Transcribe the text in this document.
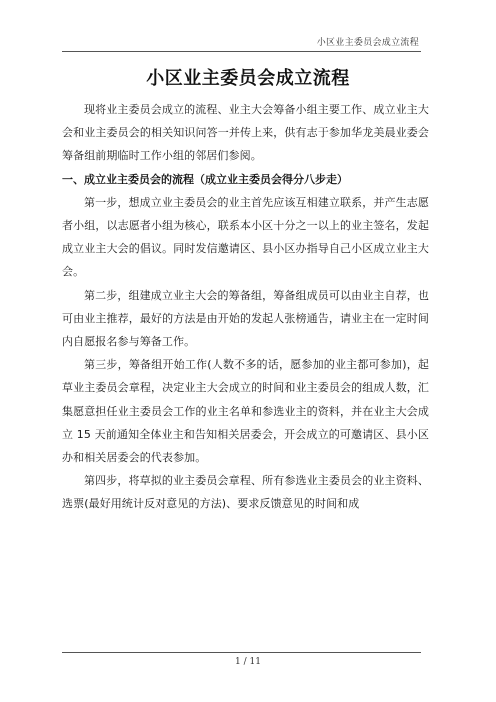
小区业主委员会成立流程
小区业主委员会成立流程

现将业主委员会成立的流程、业主大会筹备小组主要工作、成立业主大会和业主委员会的相关知识问答一并传上来，供有志于参加华龙美晨业委会筹备组前期临时工作小组的邻居们参阅。

一、成立业主委员会的流程（成立业主委员会得分八步走）

第一步，想成立业主委员会的业主首先应该互相建立联系，并产生志愿者小组，以志愿者小组为核心，联系本小区十分之一以上的业主签名，发起成立业主大会的倡议。同时发信邀请区、县小区办指导自己小区成立业主大会。

第二步，组建成立业主大会的筹备组，筹备组成员可以由业主自荐，也可由业主推荐，最好的方法是由开始的发起人张榜通告，请业主在一定时间内自愿报名参与筹备工作。

第三步，筹备组开始工作(人数不多的话，愿参加的业主都可参加)，起草业主委员会章程，决定业主大会成立的时间和业主委员会的组成人数，汇集愿意担任业主委员会工作的业主名单和参选业主的资料，并在业主大会成立 15 天前通知全体业主和告知相关居委会，开会成立的可邀请区、县小区办和相关居委会的代表参加。

第四步，将草拟的业主委员会章程、所有参选业主委员会的业主资料、选票(最好用统计反对意见的方法)、要求反馈意见的时间和成

1 / 11
